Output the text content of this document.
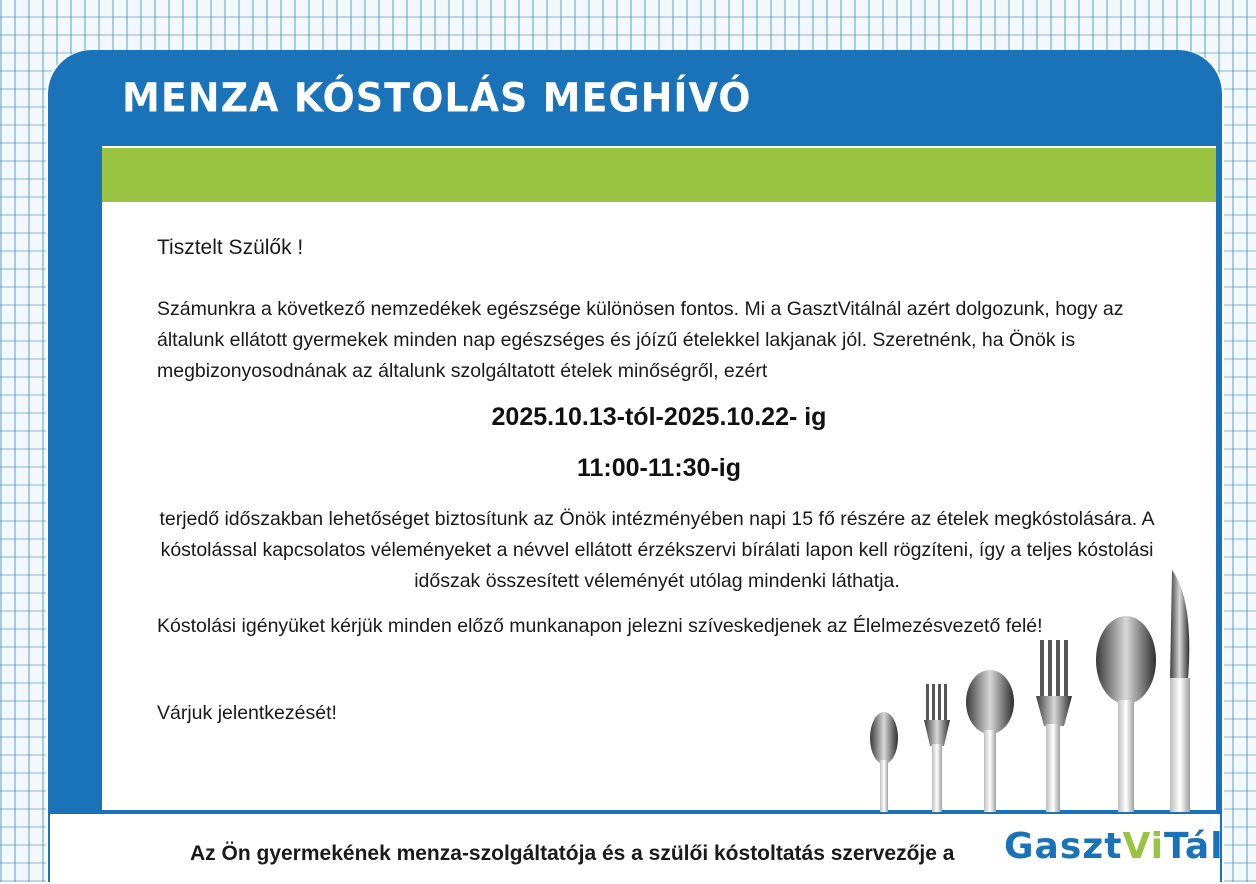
MENZA KÓSTOLÁS MEGHÍVÓ
Tisztelt Szülők !
Számunkra a következő nemzedékek egészsége különösen fontos. Mi a GasztVitálnál azért dolgozunk, hogy az általunk ellátott gyermekek minden nap egészséges és jóízű ételekkel lakjanak jól. Szeretnénk, ha Önök is megbizonyosodnának az általunk szolgáltatott ételek minőségről, ezért
2025.10.13-tól-2025.10.22- ig
11:00-11:30-ig
terjedő időszakban lehetőséget biztosítunk az Önök intézményében napi 15 fő részére az ételek megkóstolására. A kóstolással kapcsolatos véleményeket a névvel ellátott érzékszervi bírálati lapon kell rögzíteni, így a teljes kóstolási időszak összesített véleményét utólag mindenki láthatja.
Kóstolási igényüket kérjük minden előző munkanapon jelezni szíveskedjenek az Élelmezésvezető felé!
Várjuk jelentkezését!
Az Ön gyermekének menza-szolgáltatója és a szülői kóstoltatás szervezője a GasztViTál
